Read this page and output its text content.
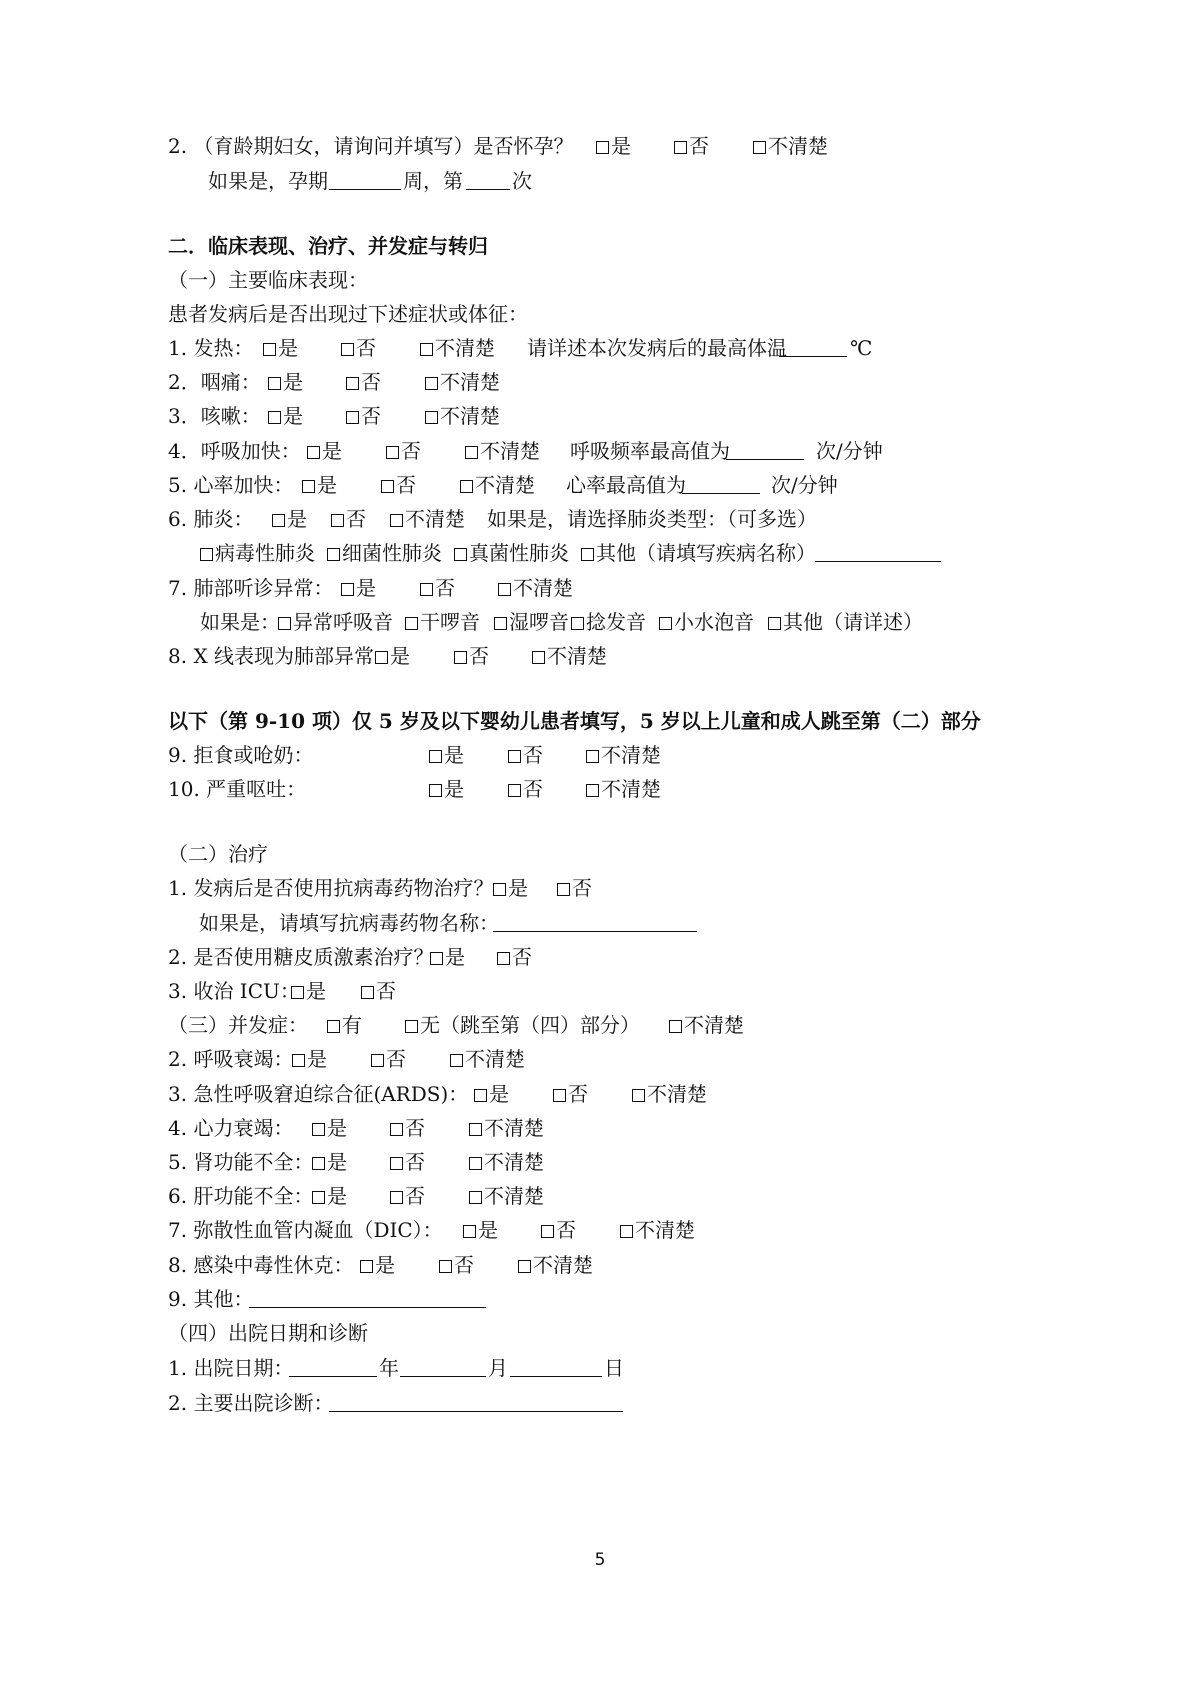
2. （育龄期妇女，请询问并填写）是否怀孕？	是	否	不清楚
如果是，孕期	周，第 次
二．临床表现、治疗、并发症与转归
（一）主要临床表现：
患者发病后是否出现过下述症状或体征：
1. 发热：	是	否	不清楚 请详述本次发病后的最高体温	℃
2．咽痛：	是	否	不清楚
3．咳嗽：	是	否	不清楚
4．呼吸加快：	是	否	不清楚 呼吸频率最高值为	次/分钟
5. 心率加快：	是	否	不清楚 心率最高值为	次/分钟
6. 肺炎：	是	否	不清楚 如果是，请选择肺炎类型：（可多选）
病毒性肺炎	细菌性肺炎	真菌性肺炎	其他（请填写疾病名称）
7. 肺部听诊异常：	是	否	不清楚
如果是： 异常呼吸音	干啰音	湿啰音 捻发音	小水泡音	其他（请详述）
8. X 线表现为肺部异常 是	否	不清楚
以下（第 9-10 项）仅 5 岁及以下婴幼儿患者填写，5 岁以上儿童和成人跳至第（二）部分
9. 拒食或呛奶：	是	否	不清楚
10. 严重呕吐：	是	否	不清楚
（二）治疗
1. 发病后是否使用抗病毒药物治疗？ 是	否
如果是，请填写抗病毒药物名称：
2. 是否使用糖皮质激素治疗？ 是	否
3. 收治 ICU： 是	否
（三）并发症：	有	无（跳至第（四）部分）	不清楚
2. 呼吸衰竭： 是	否	不清楚
3. 急性呼吸窘迫综合征(ARDS)：	是	否	不清楚
4. 心力衰竭：	是	否	不清楚
5. 肾功能不全： 是	否	不清楚
6. 肝功能不全： 是	否	不清楚
7. 弥散性血管内凝血（DIC）：	是	否	不清楚
8. 感染中毒性休克：	是	否	不清楚
9. 其他：
（四）出院日期和诊断
1. 出院日期：	年	月	日
2. 主要出院诊断：
5
